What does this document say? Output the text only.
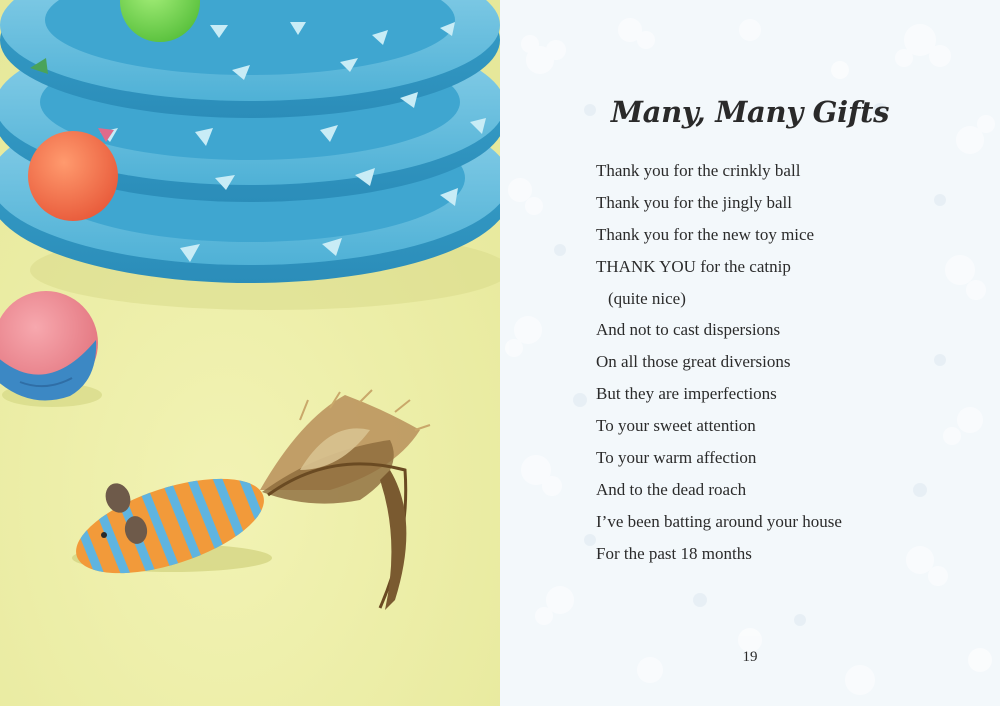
Many, Many Gifts
Thank you for the crinkly ball
Thank you for the jingly ball
Thank you for the new toy mice
THANK YOU for the catnip
(quite nice)
And not to cast dispersions
On all those great diversions
But they are imperfections
To your sweet attention
To your warm affection
And to the dead roach
I’ve been batting around your house
For the past 18 months
19
